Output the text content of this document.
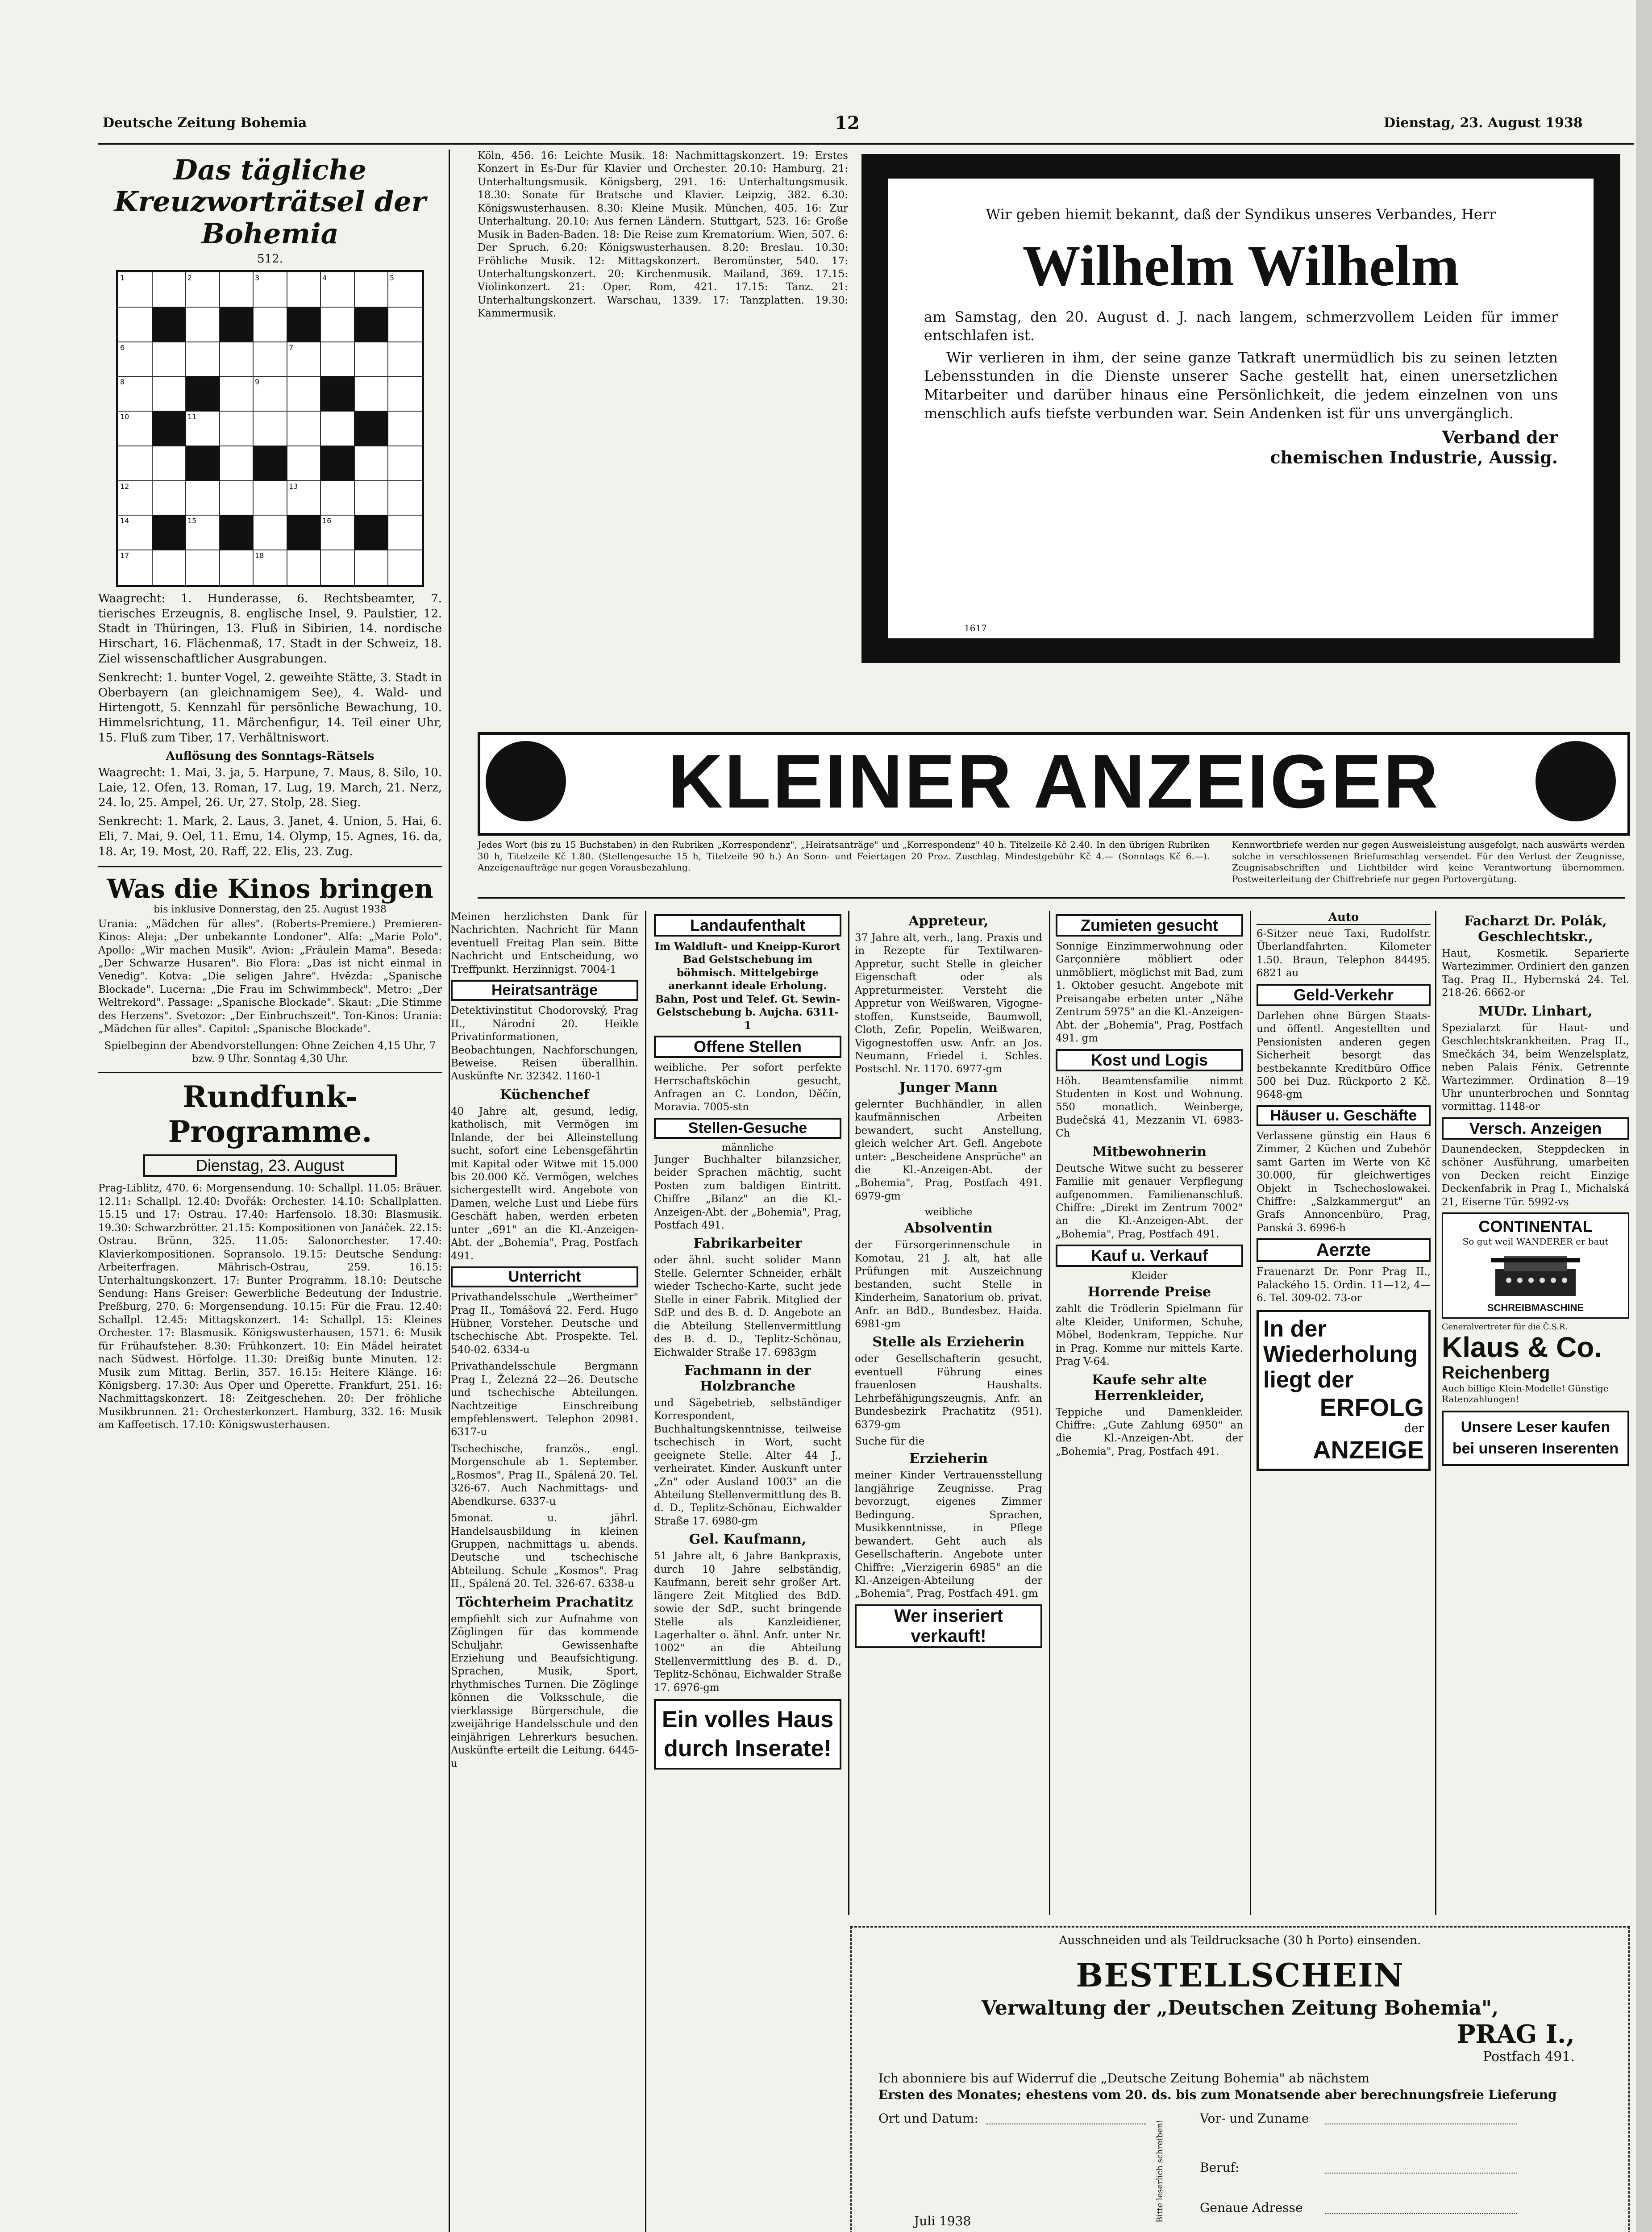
Deutsche Zeitung Bohemia	12	Dienstag, 23. August 1938
Das tägliche Kreuzworträtsel der Bohemia
512.
1	2	3	4	5
6	7
8	9
10	11
12	13
14	15	16
17	18

Waagrecht: 1. Hunderasse, 6. Rechtsbeamter, 7. tierisches Erzeugnis, 8. englische Insel, 9. Paulstier, 12. Stadt in Thüringen, 13. Fluß in Sibirien, 14. nordische Hirschart, 16. Flächenmaß, 17. Stadt in der Schweiz, 18. Ziel wissenschaftlicher Ausgrabungen.

Senkrecht: 1. bunter Vogel, 2. geweihte Stätte, 3. Stadt in Oberbayern (an gleichnamigem See), 4. Wald- und Hirtengott, 5. Kennzahl für persönliche Bewachung, 10. Himmelsrichtung, 11. Märchenfigur, 14. Teil einer Uhr, 15. Fluß zum Tiber, 17. Verhältniswort.

Auflösung des Sonntags-Rätsels

Waagrecht: 1. Mai, 3. ja, 5. Harpune, 7. Maus, 8. Silo, 10. Laie, 12. Ofen, 13. Roman, 17. Lug, 19. March, 21. Nerz, 24. lo, 25. Ampel, 26. Ur, 27. Stolp, 28. Sieg.

Senkrecht: 1. Mark, 2. Laus, 3. Janet, 4. Union, 5. Hai, 6. Eli, 7. Mai, 9. Oel, 11. Emu, 14. Olymp, 15. Agnes, 16. da, 18. Ar, 19. Most, 20. Raff, 22. Elis, 23. Zug.

Was die Kinos bringen
bis inklusive Donnerstag, den 25. August 1938

Urania: „Mädchen für alles". (Roberts-Premiere.) Premieren-Kinos: Aleja: „Der unbekannte Londoner". Alfa: „Marie Polo". Apollo: „Wir machen Musik". Avion: „Fräulein Mama". Beseda: „Der Schwarze Husaren". Bio Flora: „Das ist nicht einmal in Venedig". Kotva: „Die seligen Jahre". Hvězda: „Spanische Blockade". Lucerna: „Die Frau im Schwimmbeck". Metro: „Der Weltrekord". Passage: „Spanische Blockade". Skaut: „Die Stimme des Herzens". Svetozor: „Der Einbruchszeit". Ton-Kinos: Urania: „Mädchen für alles". Capitol: „Spanische Blockade".

Spielbeginn der Abendvorstellungen: Ohne Zeichen 4,15 Uhr, 7 bzw. 9 Uhr. Sonntag 4,30 Uhr.

Rundfunk-Programme.
Dienstag, 23. August

Prag-Liblitz, 470. 6: Morgensendung. 10: Schallpl. 11.05: Bräuer. 12.11: Schallpl. 12.40: Dvořák: Orchester. 14.10: Schallplatten. 15.15 und 17: Ostrau. 17.40: Harfensolo. 18.30: Blasmusik. 19.30: Schwarzbrötter. 21.15: Kompositionen von Janáček. 22.15: Ostrau. Brünn, 325. 11.05: Salonorchester. 17.40: Klavierkompositionen. Sopransolo. 19.15: Deutsche Sendung: Arbeiterfragen. Mährisch-Ostrau, 259. 16.15: Unterhaltungskonzert. 17: Bunter Programm. 18.10: Deutsche Sendung: Hans Greiser: Gewerbliche Bedeutung der Industrie. Preßburg, 270. 6: Morgensendung. 10.15: Für die Frau. 12.40: Schallpl. 12.45: Mittagskonzert. 14: Schallpl. 15: Kleines Orchester. 17: Blasmusik. Königswusterhausen, 1571. 6: Musik für Frühaufsteher. 8.30: Frühkonzert. 10: Ein Mädel heiratet nach Südwest. Hörfolge. 11.30: Dreißig bunte Minuten. 12: Musik zum Mittag. Berlin, 357. 16.15: Heitere Klänge. 16: Königsberg. 17.30: Aus Oper und Operette. Frankfurt, 251. 16: Nachmittagskonzert. 18: Zeitgeschehen. 20: Der fröhliche Musikbrunnen. 21: Orchesterkonzert. Hamburg, 332. 16: Musik am Kaffeetisch. 17.10: Königswusterhausen.

Köln, 456. 16: Leichte Musik. 18: Nachmittagskonzert. 19: Erstes Konzert in Es-Dur für Klavier und Orchester. 20.10: Hamburg. 21: Unterhaltungsmusik. Königsberg, 291. 16: Unterhaltungsmusik. 18.30: Sonate für Bratsche und Klavier. Leipzig, 382. 6.30: Königswusterhausen. 8.30: Kleine Musik. München, 405. 16: Zur Unterhaltung. 20.10: Aus fernen Ländern. Stuttgart, 523. 16: Große Musik in Baden-Baden. 18: Die Reise zum Krematorium. Wien, 507. 6: Der Spruch. 6.20: Königswusterhausen. 8.20: Breslau. 10.30: Fröhliche Musik. 12: Mittagskonzert. Beromünster, 540. 17: Unterhaltungskonzert. 20: Kirchenmusik. Mailand, 369. 17.15: Violinkonzert. 21: Oper. Rom, 421. 17.15: Tanz. 21: Unterhaltungskonzert. Warschau, 1339. 17: Tanzplatten. 19.30: Kammermusik.

Wir geben hiemit bekannt, daß der Syndikus unseres Verbandes, Herr

Wilhelm Wilhelm

am Samstag, den 20. August d. J. nach langem, schmerzvollem Leiden für immer entschlafen ist.

Wir verlieren in ihm, der seine ganze Tatkraft unermüdlich bis zu seinen letzten Lebensstunden in die Dienste unserer Sache gestellt hat, einen unersetzlichen Mitarbeiter und darüber hinaus eine Persönlichkeit, die jedem einzelnen von uns menschlich aufs tiefste verbunden war. Sein Andenken ist für uns unvergänglich.

Verband der
chemischen Industrie, Aussig.
1617
KLEINER ANZEIGER

Jedes Wort (bis zu 15 Buchstaben) in den Rubriken „Korrespondenz", „Heiratsanträge" und „Korrespondenz" 40 h. Titelzeile Kč 2.40. In den übrigen Rubriken 30 h, Titelzeile Kč 1.80. (Stellengesuche 15 h, Titelzeile 90 h.) An Sonn- und Feiertagen 20 Proz. Zuschlag. Mindestgebühr Kč 4.— (Sonntags Kč 6.—). Anzeigenaufträge nur gegen Vorausbezahlung.

Kennwortbriefe werden nur gegen Ausweisleistung ausgefolgt, nach auswärts werden solche in verschlossenen Briefumschlag versendet. Für den Verlust der Zeugnisse, Zeugnisabschriften und Lichtbilder wird keine Verantwortung übernommen. Postweiterleitung der Chiffrebriefe nur gegen Portovergütung.

Meinen herzlichsten Dank für Nachrichten. Nachricht für Mann eventuell Freitag Plan sein. Bitte Nachricht und Entscheidung, wo Treffpunkt. Herzinnigst. 7004-1

Heiratsanträge

Detektivinstitut Chodorovský, Prag II., Národní 20. Heikle Privatinformationen, Beobachtungen, Nachforschungen, Beweise. Reisen überallhin. Auskünfte Nr. 32342. 1160-1

Küchenchef

40 Jahre alt, gesund, ledig, katholisch, mit Vermögen im Inlande, der bei Alleinstellung sucht, sofort eine Lebensgefährtin mit Kapital oder Witwe mit 15.000 bis 20.000 Kč. Vermögen, welches sichergestellt wird. Angebote von Damen, welche Lust und Liebe fürs Geschäft haben, werden erbeten unter „691" an die Kl.-Anzeigen-Abt. der „Bohemia", Prag, Postfach 491.

Unterricht

Privathandelsschule „Wertheimer" Prag II., Tomášová 22. Ferd. Hugo Hübner, Vorsteher. Deutsche und tschechische Abt. Prospekte. Tel. 540-02. 6334-u

Privathandelsschule Bergmann Prag I., Železná 22—26. Deutsche und tschechische Abteilungen. Nachtzeitige Einschreibung empfehlenswert. Telephon 20981. 6317-u

Tschechische, französ., engl. Morgenschule ab 1. September. „Rosmos", Prag II., Spálená 20. Tel. 326-67. Auch Nachmittags- und Abendkurse. 6337-u

5monat. u. jährl. Handelsausbildung in kleinen Gruppen, nachmittags u. abends. Deutsche und tschechische Abteilung. Schule „Kosmos". Prag II., Spálená 20. Tel. 326-67. 6338-u

Töchterheim Prachatitz

empfiehlt sich zur Aufnahme von Zöglingen für das kommende Schuljahr. Gewissenhafte Erziehung und Beaufsichtigung. Sprachen, Musik, Sport, rhythmisches Turnen. Die Zöglinge können die Volksschule, die vierklassige Bürgerschule, die zweijährige Handelsschule und den einjährigen Lehrerkurs besuchen. Auskünfte erteilt die Leitung. 6445-u

Landaufenthalt

Im Waldluft- und Kneipp-Kurort Bad Gelstschebung im böhmisch. Mittelgebirge anerkannt ideale Erholung. Bahn, Post und Telef. Gt. Sewin-Gelstschebung b. Aujcha. 6311-1

Offene Stellen

weibliche. Per sofort perfekte Herrschaftsköchin gesucht. Anfragen an C. London, Děčín, Moravia. 7005-stn

Stellen-Gesuche
männliche

Junger Buchhalter bilanzsicher, beider Sprachen mächtig, sucht Posten zum baldigen Eintritt. Chiffre „Bilanz" an die Kl.-Anzeigen-Abt. der „Bohemia", Prag, Postfach 491.

Fabrikarbeiter

oder ähnl. sucht solider Mann Stelle. Gelernter Schneider, erhält wieder Tschecho-Karte, sucht jede Stelle in einer Fabrik. Mitglied der SdP. und des B. d. D. Angebote an die Abteilung Stellenvermittlung des B. d. D., Teplitz-Schönau, Eichwalder Straße 17. 6983gm

Fachmann in der Holzbranche

und Sägebetrieb, selbständiger Korrespondent, Buchhaltungskenntnisse, teilweise tschechisch in Wort, sucht geeignete Stelle. Alter 44 J., verheiratet. Kinder. Auskunft unter „Zn" oder Ausland 1003" an die Abteilung Stellenvermittlung des B. d. D., Teplitz-Schönau, Eichwalder Straße 17. 6980-gm

Gel. Kaufmann,

51 Jahre alt, 6 Jahre Bankpraxis, durch 10 Jahre selbständig, Kaufmann, bereit sehr großer Art. längere Zeit Mitglied des BdD. sowie der SdP., sucht bringende Stelle als Kanzleidiener, Lagerhalter o. ähnl. Anfr. unter Nr. 1002" an die Abteilung Stellenvermittlung des B. d. D., Teplitz-Schönau, Eichwalder Straße 17. 6976-gm

Ein volles Haus durch Inserate!
Appreteur,

37 Jahre alt, verh., lang. Praxis und in Rezepte für Textilwaren-Appretur, sucht Stelle in gleicher Eigenschaft oder als Appreturmeister. Versteht die Appretur von Weißwaren, Vigogne-stoffen, Kunstseide, Baumwoll, Cloth, Zefir, Popelin, Weißwaren, Vigognestoffen usw. Anfr. an Jos. Neumann, Friedel i. Schles. Postschl. Nr. 1170. 6977-gm

Junger Mann

gelernter Buchhändler, in allen kaufmännischen Arbeiten bewandert, sucht Anstellung, gleich welcher Art. Gefl. Angebote unter: „Bescheidene Ansprüche" an die Kl.-Anzeigen-Abt. der „Bohemia", Prag, Postfach 491. 6979-gm

weibliche
Absolventin

der Fürsorgerinnenschule in Komotau, 21 J. alt, hat alle Prüfungen mit Auszeichnung bestanden, sucht Stelle in Kinderheim, Sanatorium ob. privat. Anfr. an BdD., Bundesbez. Haida. 6981-gm

Stelle als Erzieherin

oder Gesellschafterin gesucht, eventuell Führung eines frauenlosen Haushalts. Lehrbefähigungszeugnis. Anfr. an Bundesbezirk Prachatitz (951). 6379-gm

Suche für die
Erzieherin

meiner Kinder Vertrauensstellung langjährige Zeugnisse. Prag bevorzugt, eigenes Zimmer Bedingung. Sprachen, Musikkenntnisse, in Pflege bewandert. Geht auch als Gesellschafterin. Angebote unter Chiffre: „Vierzigerin 6985" an die Kl.-Anzeigen-Abteilung der „Bohemia", Prag, Postfach 491. gm

Wer inseriert verkauft!
Zumieten gesucht

Sonnige Einzimmerwohnung oder Garçonnière möbliert oder unmöbliert, möglichst mit Bad, zum 1. Oktober gesucht. Angebote mit Preisangabe erbeten unter „Nähe Zentrum 5975" an die Kl.-Anzeigen-Abt. der „Bohemia", Prag, Postfach 491. gm

Kost und Logis

Höh. Beamtensfamilie nimmt Studenten in Kost und Wohnung. 550 monatlich. Weinberge, Budečská 41, Mezzanin VI. 6983-Ch

Mitbewohnerin

Deutsche Witwe sucht zu besserer Familie mit genauer Verpflegung aufgenommen. Familienanschluß. Chiffre: „Direkt im Zentrum 7002" an die Kl.-Anzeigen-Abt. der „Bohemia", Prag, Postfach 491.

Kauf u. Verkauf
Kleider
Horrende Preise

zahlt die Trödlerin Spielmann für alte Kleider, Uniformen, Schuhe, Möbel, Bodenkram, Teppiche. Nur in Prag. Komme nur mittels Karte. Prag V-64.

Kaufe sehr alte Herrenkleider,

Teppiche und Damenkleider. Chiffre: „Gute Zahlung 6950" an die Kl.-Anzeigen-Abt. der „Bohemia", Prag, Postfach 491.

Auto

6-Sitzer neue Taxi, Rudolfstr. Überlandfahrten. Kilometer 1.50. Braun, Telephon 84495. 6821 au

Geld-Verkehr

Darlehen ohne Bürgen Staats- und öffentl. Angestellten und Pensionisten anderen gegen Sicherheit besorgt das bestbekannte Kreditbüro Office 500 bei Duz. Rückporto 2 Kč. 9648-gm

Häuser u. Geschäfte

Verlassene günstig ein Haus 6 Zimmer, 2 Küchen und Zubehör samt Garten im Werte von Kč 30.000, für gleichwertiges Objekt in Tschechoslowakei. Chiffre: „Salzkammergut" an Grafs Annoncenbüro, Prag, Panská 3. 6996-h

Aerzte

Frauenarzt Dr. Ponr Prag II., Palackého 15. Ordin. 11—12, 4—6. Tel. 309-02. 73-or

In der Wiederholung liegt der
ERFOLG
der
ANZEIGE
Facharzt Dr. Polák, Geschlechtskr.,

Haut, Kosmetik. Separierte Wartezimmer. Ordiniert den ganzen Tag. Prag II., Hybernská 24. Tel. 218-26. 6662-or

MUDr. Linhart,

Spezialarzt für Haut- und Geschlechtskrankheiten. Prag II., Smečkách 34, beim Wenzelsplatz, neben Palais Fénix. Getrennte Wartezimmer. Ordination 8—19 Uhr ununterbrochen und Sonntag vormittag. 1148-or

Versch. Anzeigen

Daunendecken, Steppdecken in schöner Ausführung, umarbeiten von Decken reicht Einzige Deckenfabrik in Prag I., Michalská 21, Eiserne Tür. 5992-vs

CONTINENTAL
So gut weil WANDERER er baut
SCHREIBMASCHINE
Generalvertreter für die Č.S.R.
Klaus & Co.
Reichenberg
Auch billige Klein-Modelle! Günstige Ratenzahlungen!
Unsere Leser kaufen bei unseren Inserenten
Ausschneiden und als Teildrucksache (30 h Porto) einsenden.
BESTELLSCHEIN
Verwaltung der „Deutschen Zeitung Bohemia",
PRAG I.,
Postfach 491.
Ich abonniere bis auf Widerruf die „Deutsche Zeitung Bohemia" ab nächstem
Ersten des Monates; ehestens vom 20. ds. bis zum Monatsende aber berechnungsfreie Lieferung
Ort und Datum:
Bitte leserlich schreiben!
Vor- und Zuname
Beruf:
Genaue Adresse
Juli 1938
